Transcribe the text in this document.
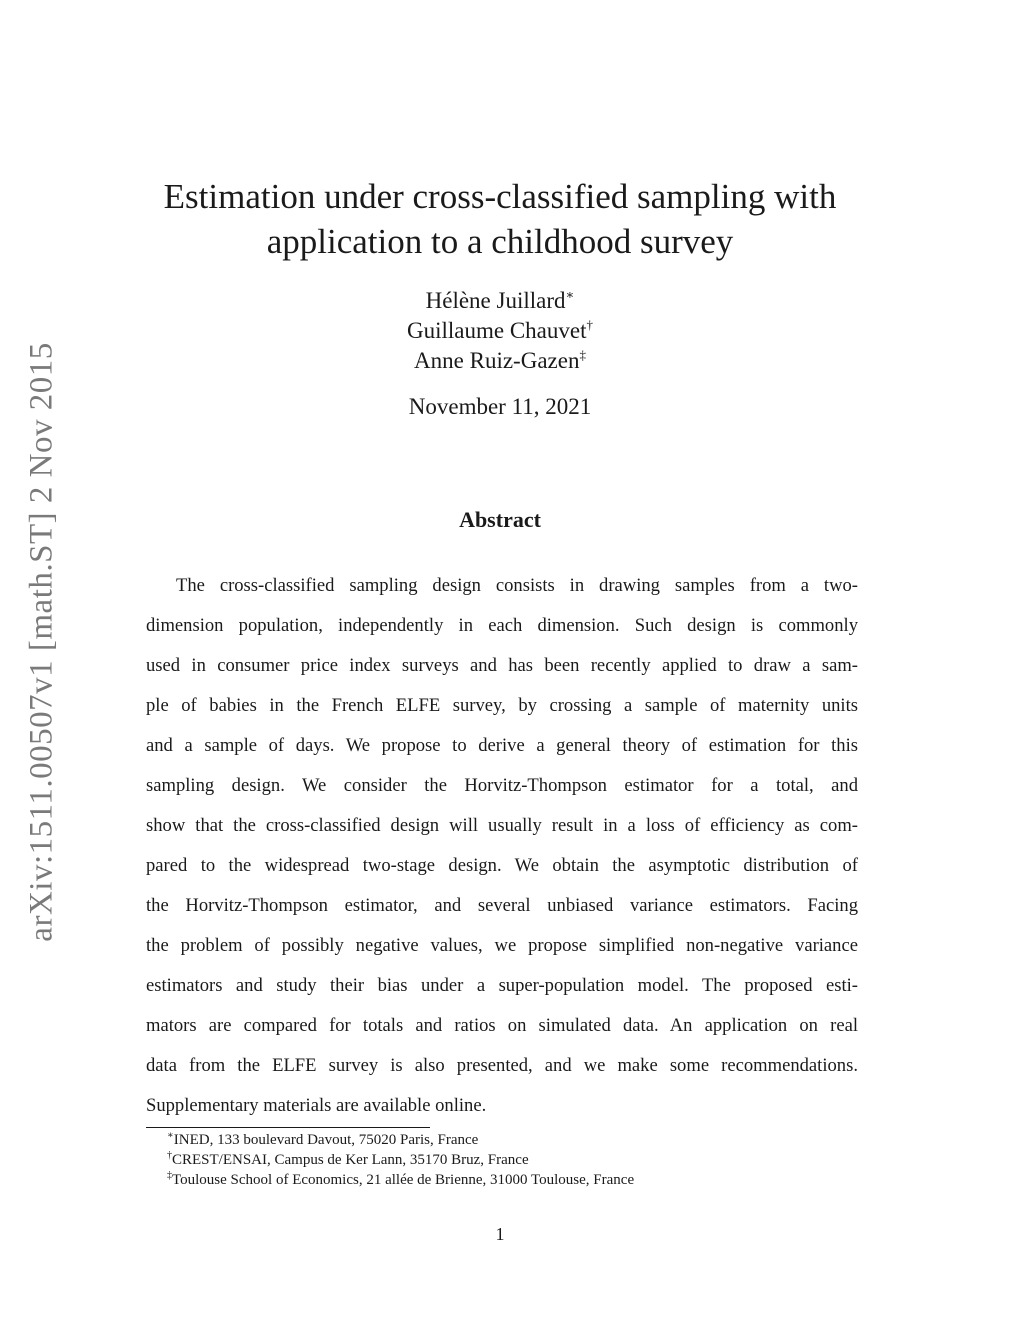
arXiv:1511.00507v1 [math.ST] 2 Nov 2015
Estimation under cross-classified sampling with
application to a childhood survey
Hélène Juillard∗
Guillaume Chauvet†
Anne Ruiz-Gazen‡
November 11, 2021
Abstract
The cross-classified sampling design consists in drawing samples from a two-
dimension population, independently in each dimension. Such design is commonly
used in consumer price index surveys and has been recently applied to draw a sam-
ple of babies in the French ELFE survey, by crossing a sample of maternity units
and a sample of days. We propose to derive a general theory of estimation for this
sampling design. We consider the Horvitz-Thompson estimator for a total, and
show that the cross-classified design will usually result in a loss of efficiency as com-
pared to the widespread two-stage design. We obtain the asymptotic distribution of
the Horvitz-Thompson estimator, and several unbiased variance estimators. Facing
the problem of possibly negative values, we propose simplified non-negative variance
estimators and study their bias under a super-population model. The proposed esti-
mators are compared for totals and ratios on simulated data. An application on real
data from the ELFE survey is also presented, and we make some recommendations.
Supplementary materials are available online.
∗INED, 133 boulevard Davout, 75020 Paris, France
†CREST/ENSAI, Campus de Ker Lann, 35170 Bruz, France
‡Toulouse School of Economics, 21 allée de Brienne, 31000 Toulouse, France
1
